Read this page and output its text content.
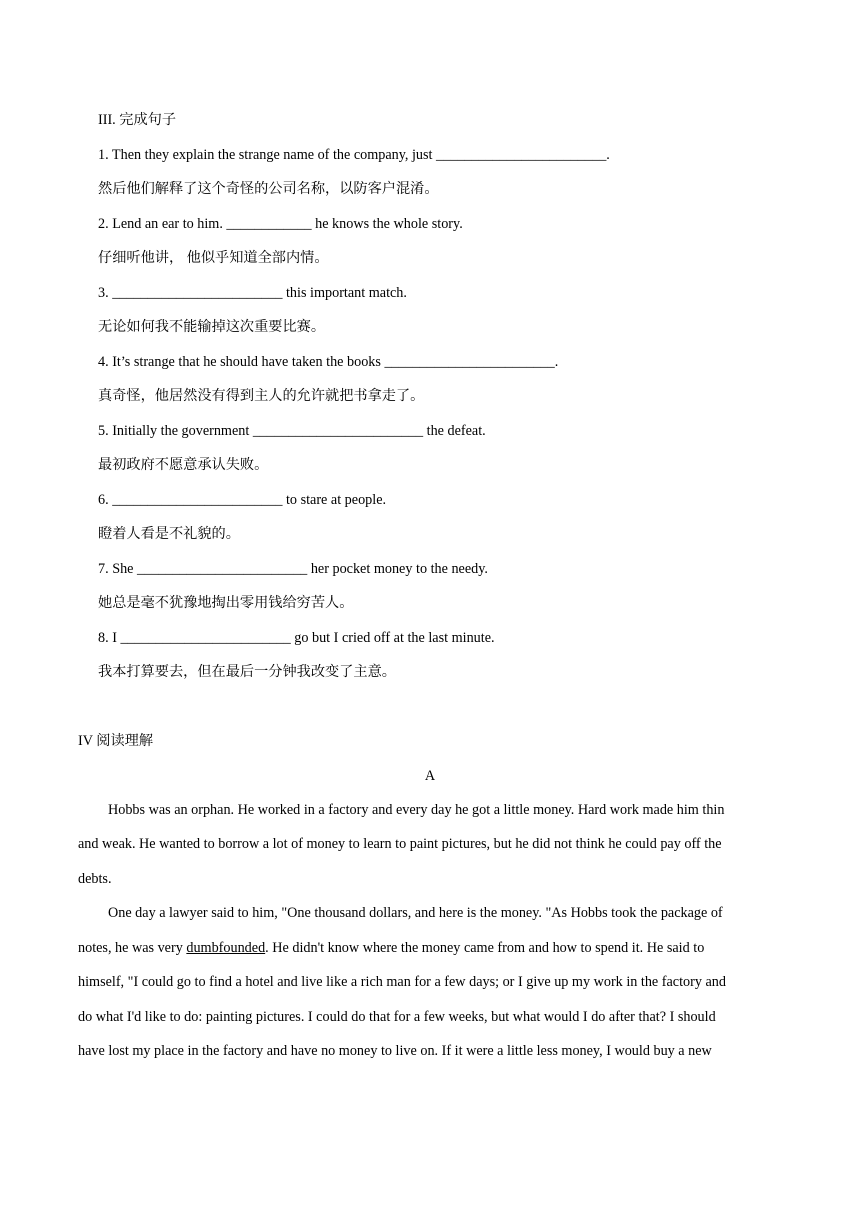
III. 完成句子
1. Then they explain the strange name of the company, just ________________________.
然后他们解释了这个奇怪的公司名称，以防客户混淆。
2. Lend an ear to him. ____________ he knows the whole story.
仔细听他讲， 他似乎知道全部内情。
3. ________________________ this important match.
无论如何我不能输掉这次重要比赛。
4. It’s strange that he should have taken the books ________________________.
真奇怪，他居然没有得到主人的允许就把书拿走了。
5. Initially the government ________________________ the defeat.
最初政府不愿意承认失败。
6. ________________________ to stare at people.
瞪着人看是不礼貌的。
7. She ________________________ her pocket money to the needy.
她总是毫不犹豫地掏出零用钱给穷苦人。
8. I ________________________ go but I cried off at the last minute.
我本打算要去，但在最后一分钟我改变了主意。
IV 阅读理解
A
Hobbs was an orphan. He worked in a factory and every day he got a little money. Hard work made him thin
and weak. He wanted to borrow a lot of money to learn to paint pictures, but he did not think he could pay off the
debts.
One day a lawyer said to him, "One thousand dollars, and here is the money. "As Hobbs took the package of
notes, he was very dumbfounded. He didn't know where the money came from and how to spend it. He said to
himself, "I could go to find a hotel and live like a rich man for a few days; or I give up my work in the factory and
do what I'd like to do: painting pictures. I could do that for a few weeks, but what would I do after that? I should
have lost my place in the factory and have no money to live on. If it were a little less money, I would buy a new
